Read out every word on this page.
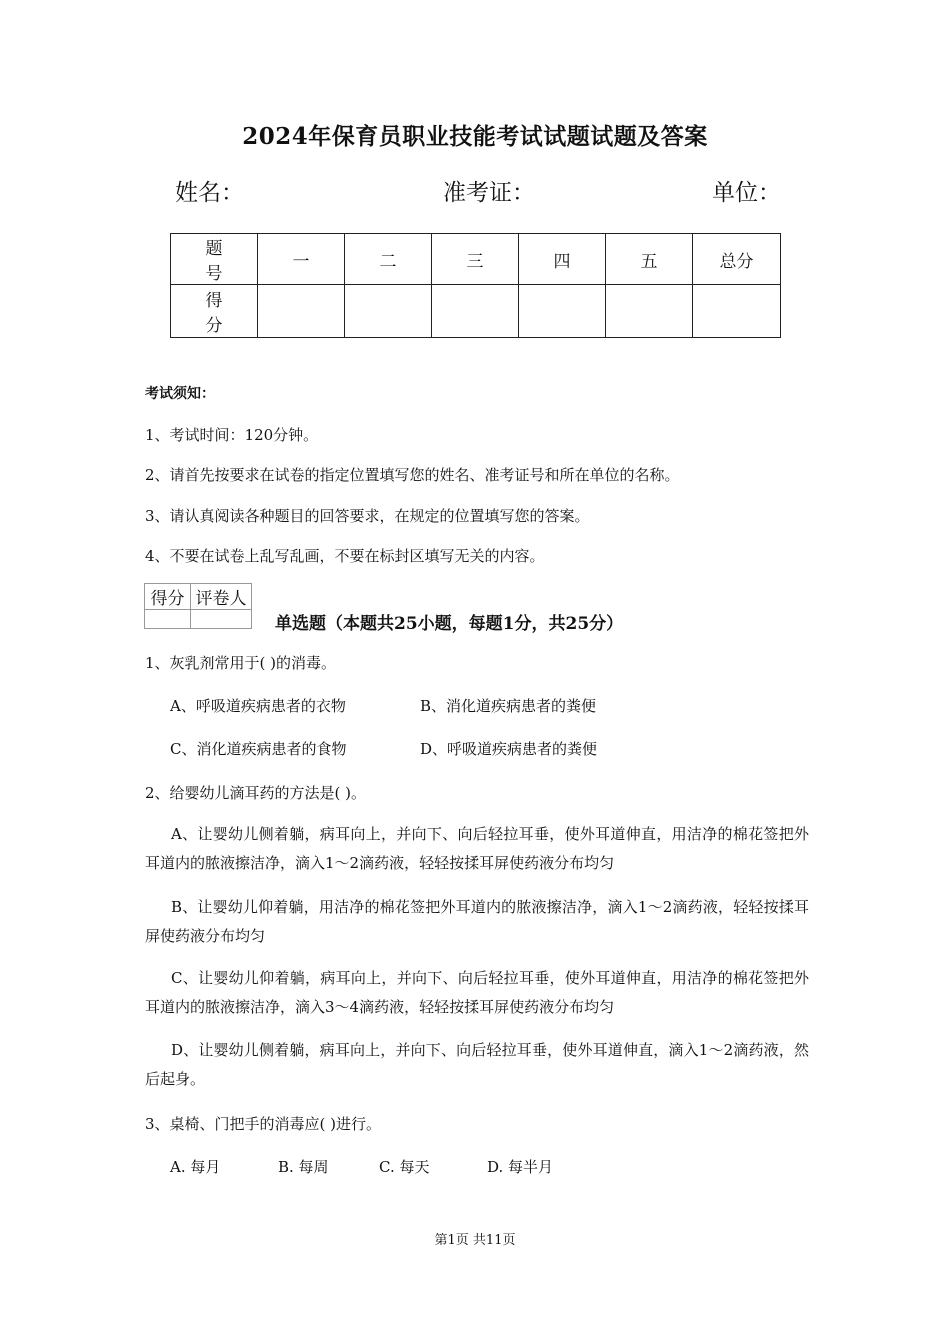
2024年保育员职业技能考试试题试题及答案
姓名：	准考证：	单位：
题 号	一	二	三	四	五	总分
得 分						
考试须知：
1、考试时间：120分钟。
2、请首先按要求在试卷的指定位置填写您的姓名、准考证号和所在单位的名称。
3、请认真阅读各种题目的回答要求，在规定的位置填写您的答案。
4、不要在试卷上乱写乱画，不要在标封区填写无关的内容。
得分	评卷人

单选题（本题共25小题，每题1分，共25分）
1、灰乳剂常用于( )的消毒。
A、呼吸道疾病患者的衣物	B、消化道疾病患者的粪便
C、消化道疾病患者的食物	D、呼吸道疾病患者的粪便
2、给婴幼儿滴耳药的方法是( )。
A、让婴幼儿侧着躺，病耳向上，并向下、向后轻拉耳垂，使外耳道伸直，用洁净的棉花签把外耳道内的脓液擦洁净，滴入1～2滴药液，轻轻按揉耳屏使药液分布均匀
B、让婴幼儿仰着躺，用洁净的棉花签把外耳道内的脓液擦洁净，滴入1～2滴药液，轻轻按揉耳屏使药液分布均匀
C、让婴幼儿仰着躺，病耳向上，并向下、向后轻拉耳垂，使外耳道伸直，用洁净的棉花签把外耳道内的脓液擦洁净，滴入3～4滴药液，轻轻按揉耳屏使药液分布均匀
D、让婴幼儿侧着躺，病耳向上，并向下、向后轻拉耳垂，使外耳道伸直，滴入1～2滴药液，然后起身。
3、桌椅、门把手的消毒应( )进行。
A. 每月	B. 每周	C. 每天	D. 每半月
第1页 共11页
